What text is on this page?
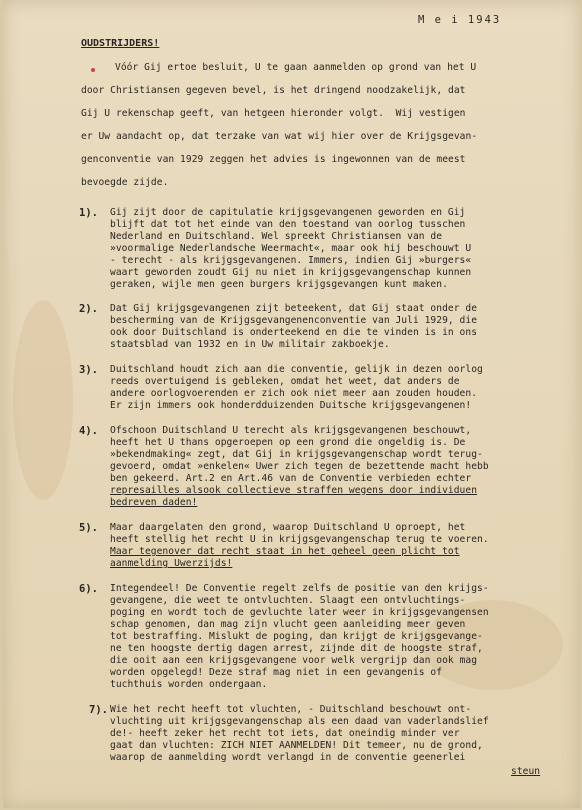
M e i 1943
OUDSTRIJDERS!
Vóór Gij ertoe besluit, U te gaan aanmelden op grond van het U
door Christiansen gegeven bevel, is het dringend noodzakelijk, dat
Gij U rekenschap geeft, van hetgeen hieronder volgt.  Wij vestigen
er Uw aandacht op, dat terzake van wat wij hier over de Krijgsgevan-
genconventie van 1929 zeggen het advies is ingewonnen van de meest
bevoegde zijde.
1). Gij zijt door de capitulatie krijgsgevangenen geworden en Gij
blijft dat tot het einde van den toestand van oorlog tusschen
Nederland en Duitschland. Wel spreekt Christiansen van de
»voormalige Nederlandsche Weermacht«, maar ook hij beschouwt U
- terecht - als krijgsgevangenen. Immers, indien Gij »burgers«
waart geworden zoudt Gij nu niet in krijgsgevangenschap kunnen
geraken, wijle men geen burgers krijgsgevangen kunt maken.
2). Dat Gij krijgsgevangenen zijt beteekent, dat Gij staat onder de
bescherming van de Krijgsgevangenenconventie van Juli 1929, die
ook door Duitschland is onderteekend en die te vinden is in ons
staatsblad van 1932 en in Uw militair zakboekje.
3). Duitschland houdt zich aan die conventie, gelijk in dezen oorlog
reeds overtuigend is gebleken, omdat het weet, dat anders de
andere oorlogvoerenden er zich ook niet meer aan zouden houden.
Er zijn immers ook honderdduizenden Duitsche krijgsgevangenen!
4). Ofschoon Duitschland U terecht als krijgsgevangenen beschouwt,
heeft het U thans opgeroepen op een grond die ongeldig is. De
»bekendmaking« zegt, dat Gij in krijgsgevangenschap wordt terug-
gevoerd, omdat »enkelen« Uwer zich tegen de bezettende macht hebb
ben gekeerd. Art.2 en Art.46 van de Conventie verbieden echter
represailles alsook collectieve straffen wegens door individuen
bedreven daden!
5). Maar daargelaten den grond, waarop Duitschland U oproept, het
heeft stellig het recht U in krijgsgevangenschap terug te voeren.
Maar tegenover dat recht staat in het geheel geen plicht tot
aanmelding Uwerzijds!
6). Integendeel! De Conventie regelt zelfs de positie van den krijgs-
gevangene, die weet te ontvluchten. Slaagt een ontvluchtings-
poging en wordt toch de gevluchte later weer in krijgsgevangensen
schap genomen, dan mag zijn vlucht geen aanleiding meer geven
tot bestraffing. Mislukt de poging, dan krijgt de krijgsgevange-
ne ten hoogste dertig dagen arrest, zijnde dit de hoogste straf,
die ooit aan een krijgsgevangene voor welk vergrijp dan ook mag
worden opgelegd! Deze straf mag niet in een gevangenis of
tuchthuis worden ondergaan.
7). Wie het recht heeft tot vluchten, - Duitschland beschouwt ont-
vluchting uit krijgsgevangenschap als een daad van vaderlandslief
de!- heeft zeker het recht tot iets, dat oneindig minder ver
gaat dan vluchten: ZICH NIET AANMELDEN! Dit temeer, nu de grond,
waarop de aanmelding wordt verlangd in de conventie geenerlei
steun
